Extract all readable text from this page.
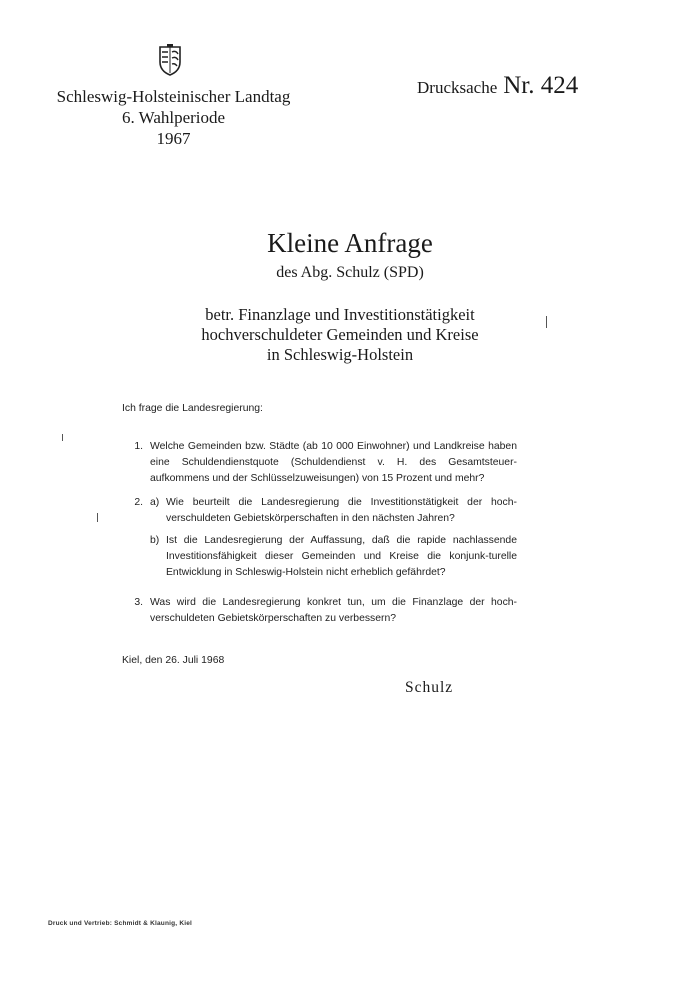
Schleswig-Holsteinischer Landtag
6. Wahlperiode
1967
Drucksache Nr. 424
Kleine Anfrage
des Abg. Schulz (SPD)
betr. Finanzlage und Investitionstätigkeit
hochverschuldeter Gemeinden und Kreise
in Schleswig-Holstein
Ich frage die Landesregierung:
1. Welche Gemeinden bzw. Städte (ab 10 000 Einwohner) und Landkreise haben eine Schuldendienstquote (Schuldendienst v. H. des Gesamtsteuer-aufkommens und der Schlüsselzuweisungen) von 15 Prozent und mehr?
2. a) Wie beurteilt die Landesregierung die Investitionstätigkeit der hoch-verschuldeten Gebietskörperschaften in den nächsten Jahren?
b) Ist die Landesregierung der Auffassung, daß die rapide nachlassende Investitionsfähigkeit dieser Gemeinden und Kreise die konjunk-turelle Entwicklung in Schleswig-Holstein nicht erheblich gefährdet?
3. Was wird die Landesregierung konkret tun, um die Finanzlage der hoch-verschuldeten Gebietskörperschaften zu verbessern?
Kiel, den 26. Juli 1968
Schulz
Druck und Vertrieb: Schmidt & Klaunig, Kiel
